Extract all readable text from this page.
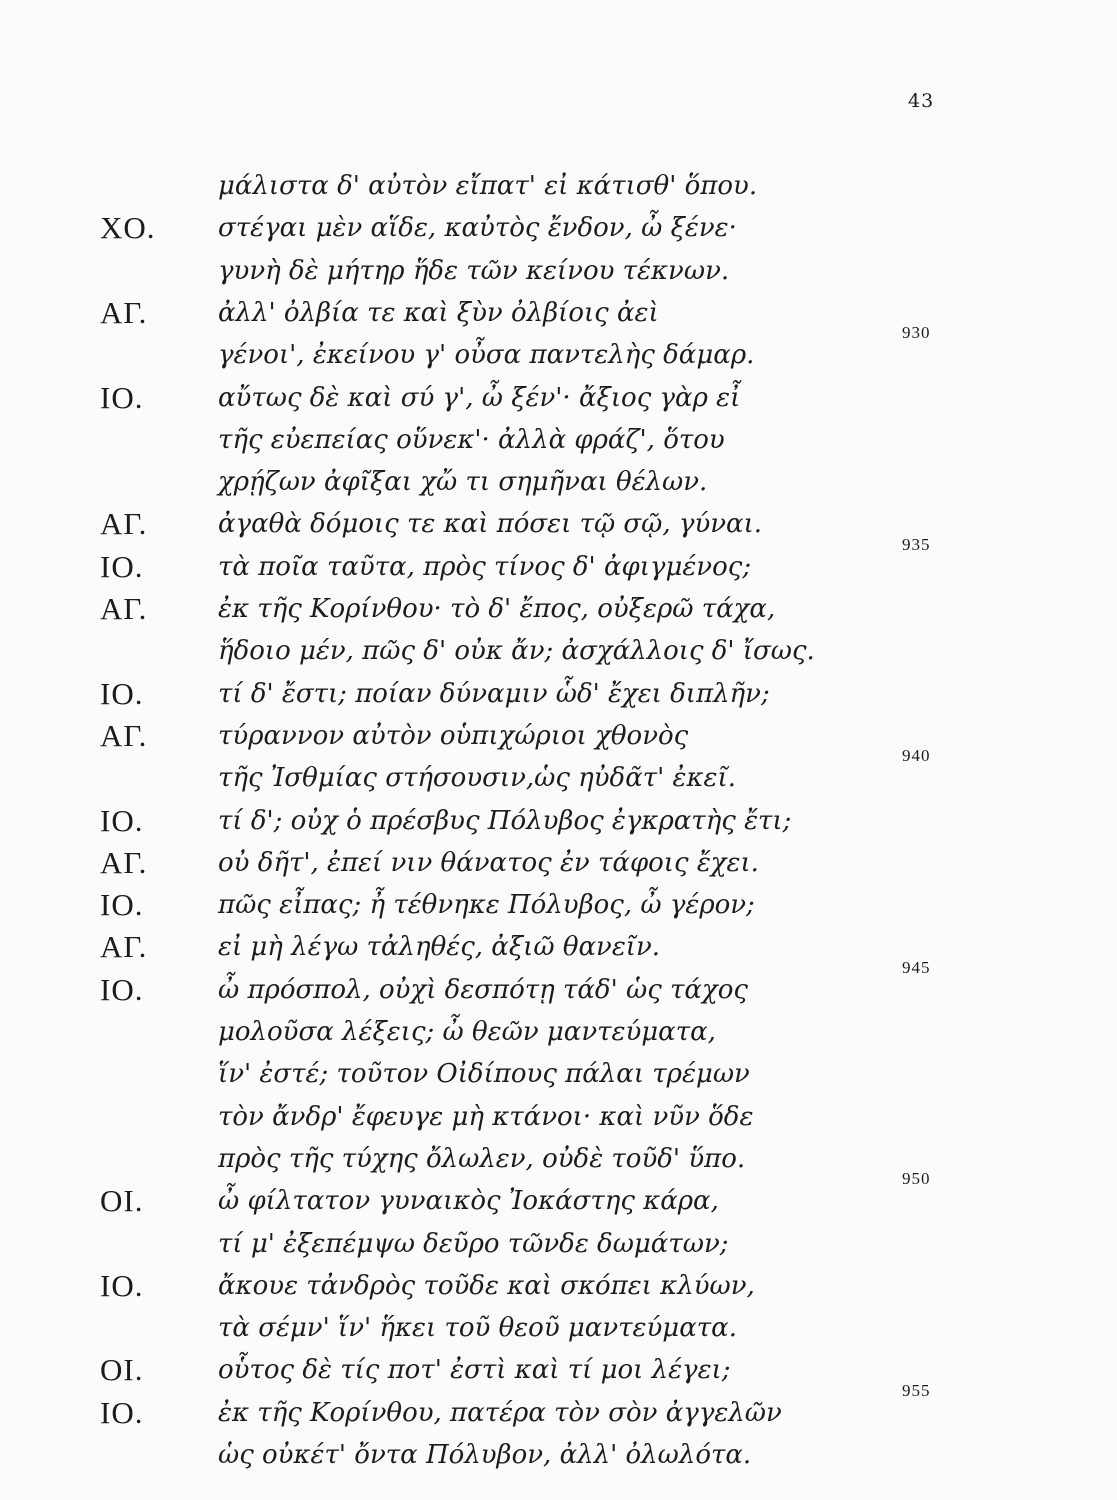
43
μάλιστα δ' αὐτὸν εἴπατ' εἰ κάτισθ' ὅπου.
ΧΟ. στέγαι μὲν αἵδε, καὐτὸς ἔνδον, ὦ ξένε·
γυνὴ δὲ μήτηρ ἥδε τῶν κείνου τέκνων.
ΑΓ.	ἀλλ' ὀλβία τε καὶ ξὺν ὀλβίοις ἀεὶ
γένοι', ἐκείνου γ' οὖσα παντελὴς δάμαρ.
930
ΙΟ.	αὔτως δὲ καὶ σύ γ', ὦ ξέν'· ἄξιος γὰρ εἶ
τῆς εὐεπείας οὕνεκ'· ἀλλὰ φράζ', ὅτου
χρῄζων ἀφῖξαι χὤ τι σημῆναι θέλων.
ΑΓ.	ἀγαθὰ δόμοις τε καὶ πόσει τῷ σῷ, γύναι.
ΙΟ.	τὰ ποῖα ταῦτα, πρὸς τίνος δ' ἀφιγμένος;
935
ΑΓ.	ἐκ τῆς Κορίνθου· τὸ δ' ἔπος, οὐξερῶ τάχα,
ἥδοιο μέν, πῶς δ' οὐκ ἄν; ἀσχάλλοις δ' ἴσως.
ΙΟ.	τί δ' ἔστι; ποίαν δύναμιν ὧδ' ἔχει διπλῆν;
ΑΓ.	τύραννον αὐτὸν οὑπιχώριοι χθονὸς
τῆς Ἰσθμίας στήσουσιν,ὡς ηὐδᾶτ' ἐκεῖ.
940
ΙΟ.	τί δ'; οὐχ ὁ πρέσβυς Πόλυβος ἐγκρατὴς ἔτι;
ΑΓ.	οὐ δῆτ', ἐπεί νιν θάνατος ἐν τάφοις ἔχει.
ΙΟ.	πῶς εἶπας; ἦ τέθνηκε Πόλυβος, ὦ γέρον;
ΑΓ.	εἰ μὴ λέγω τἀληθές, ἀξιῶ θανεῖν.
ΙΟ.	ὦ πρόσπολ, οὐχὶ δεσπότῃ τάδ' ὡς τάχος
945
μολοῦσα λέξεις; ὦ θεῶν μαντεύματα,
ἵν' ἐστέ; τοῦτον Οἰδίπους πάλαι τρέμων
τὸν ἄνδρ' ἔφευγε μὴ κτάνοι· καὶ νῦν ὅδε
πρὸς τῆς τύχης ὄλωλεν, οὐδὲ τοῦδ' ὕπο.
ΟΙ.	ὦ φίλτατον γυναικὸς Ἰοκάστης κάρα,
950
τί μ' ἐξεπέμψω δεῦρο τῶνδε δωμάτων;
ΙΟ.	ἄκουε τἀνδρὸς τοῦδε καὶ σκόπει κλύων,
τὰ σέμν' ἵν' ἥκει τοῦ θεοῦ μαντεύματα.
ΟΙ.	οὗτος δὲ τίς ποτ' ἐστὶ καὶ τί μοι λέγει;
ΙΟ.	ἐκ τῆς Κορίνθου, πατέρα τὸν σὸν ἀγγελῶν
955
ὡς οὐκέτ' ὄντα Πόλυβον, ἀλλ' ὀλωλότα.
